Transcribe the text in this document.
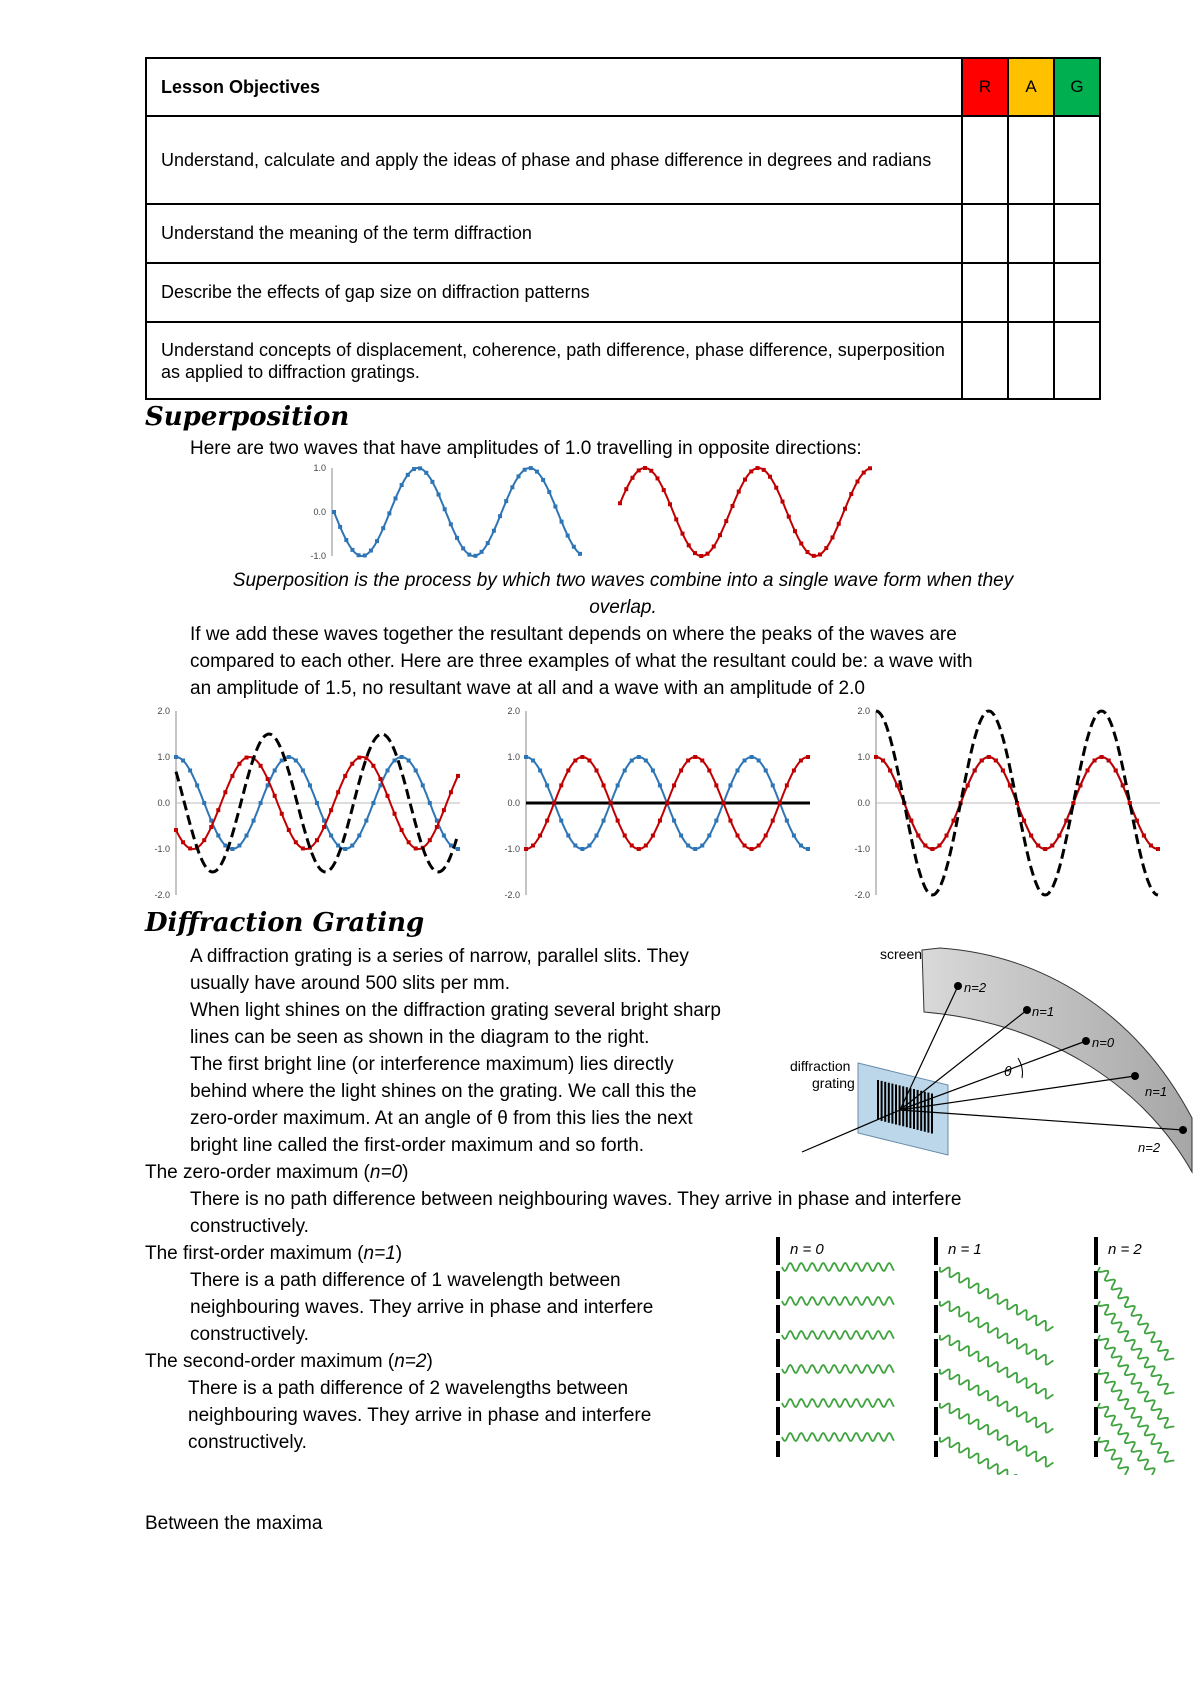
Lesson Objectives	R	A	G
Understand, calculate and apply the ideas of phase and phase difference in degrees and radians			
Understand the meaning of the term diffraction			
Describe the effects of gap size on diffraction patterns			
Understand concepts of displacement, coherence, path difference, phase difference, superposition as applied to diffraction gratings.			
Superposition
Here are two waves that have amplitudes of 1.0 travelling in opposite directions:
1.0
0.0
-1.0
Superposition is the process by which two waves combine into a single wave form when they
overlap.
If we add these waves together the resultant depends on where the peaks of the waves are
compared to each other. Here are three examples of what the resultant could be: a wave with
an amplitude of 1.5, no resultant wave at all and a wave with an amplitude of 2.0
2.0
1.0
0.0
-1.0
-2.0
2.0
1.0
0.0
-1.0
-2.0
2.0
1.0
0.0
-1.0
-2.0
Diffraction Grating
A diffraction grating is a series of narrow, parallel slits. They
usually have around 500 slits per mm.
When light shines on the diffraction grating several bright sharp
lines can be seen as shown in the diagram to the right.
The first bright line (or interference maximum) lies directly
behind where the light shines on the grating. We call this the
zero-order maximum. At an angle of θ from this lies the next
bright line called the first-order maximum and so forth.
screen
diffraction
grating
θ
n=2
n=1
n=0
n=1
n=2
The zero-order maximum (n=0)
There is no path difference between neighbouring waves. They arrive in phase and interfere
constructively.
The first-order maximum (n=1)
There is a path difference of 1 wavelength between
neighbouring waves. They arrive in phase and interfere
constructively.
The second-order maximum (n=2)
There is a path difference of 2 wavelengths between
neighbouring waves. They arrive in phase and interfere
constructively.
n = 0	n = 1	n = 2
Between the maxima
